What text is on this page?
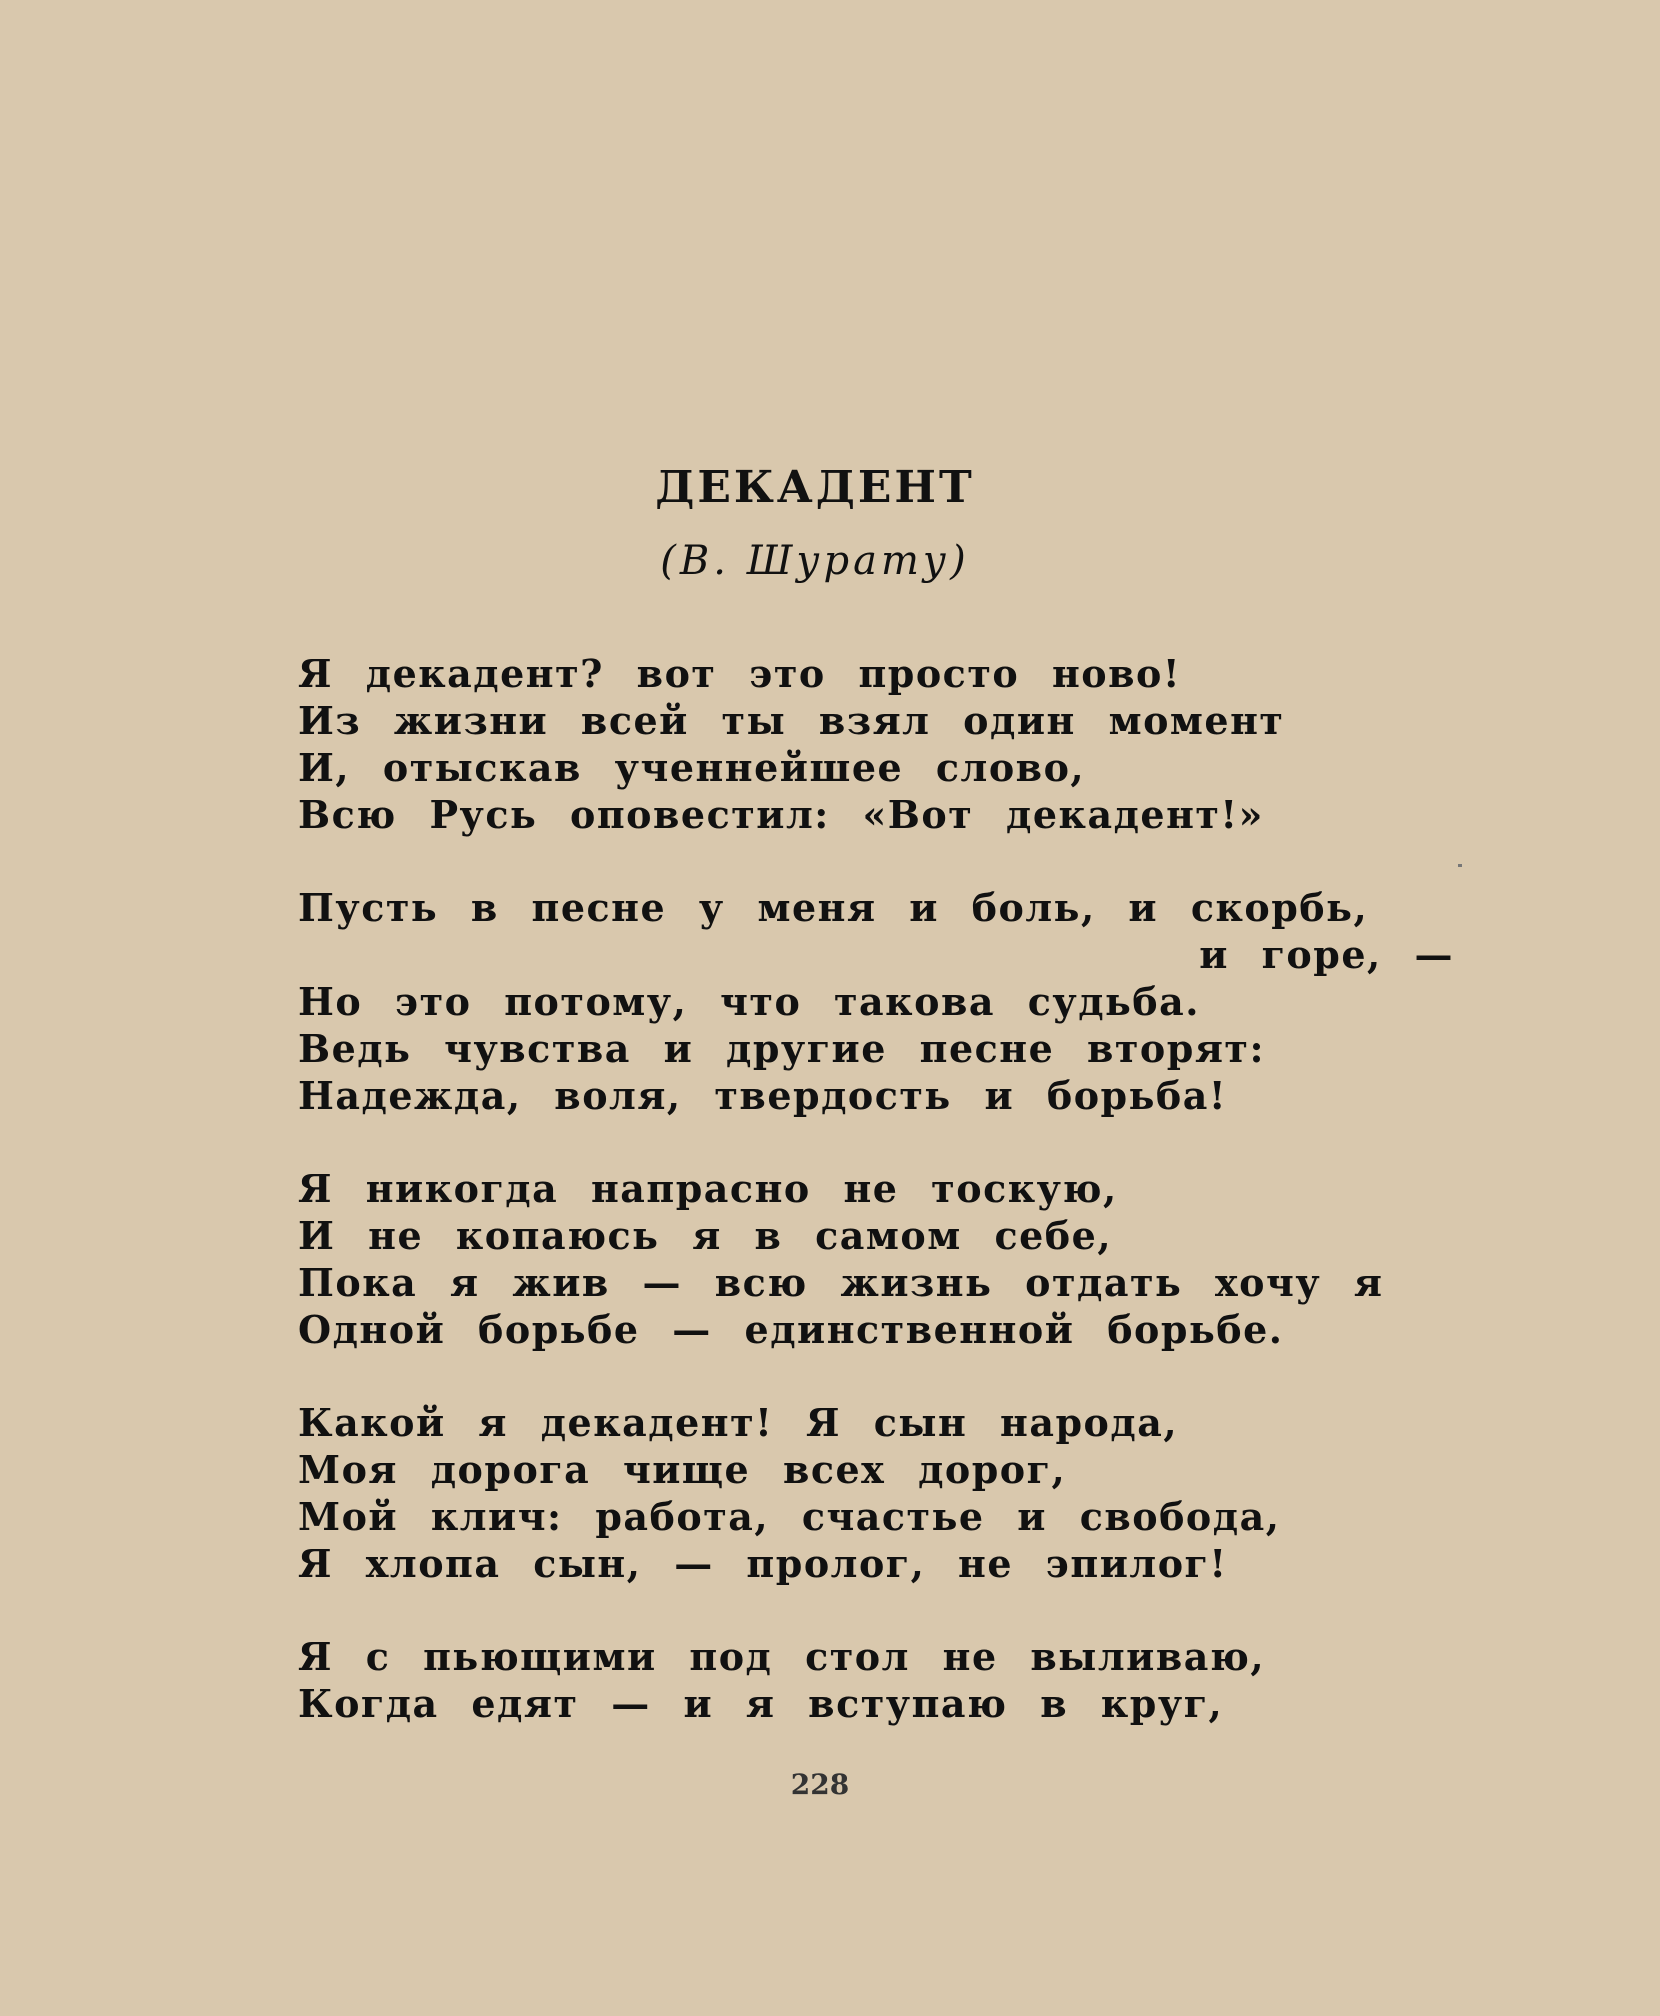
ДЕКАДЕНТ
(В. Шурату)
Я декадент? вот это просто ново!
Из жизни всей ты взял один момент
И, отыскав ученнейшее слово,
Всю Русь оповестил: «Вот декадент!»
Пусть в песне у меня и боль, и скорбь,
и горе, —
Но это потому, что такова судьба.
Ведь чувства и другие песне вторят:
Надежда, воля, твердость и борьба!
Я никогда напрасно не тоскую,
И не копаюсь я в самом себе,
Пока я жив — всю жизнь отдать хочу я
Одной борьбе — единственной борьбе.
Какой я декадент! Я сын народа,
Моя дорога чище всех дорог,
Мой клич: работа, счастье и свобода,
Я хлопа сын, — пролог, не эпилог!
Я с пьющими под стол не выливаю,
Когда едят — и я вступаю в круг,
228
